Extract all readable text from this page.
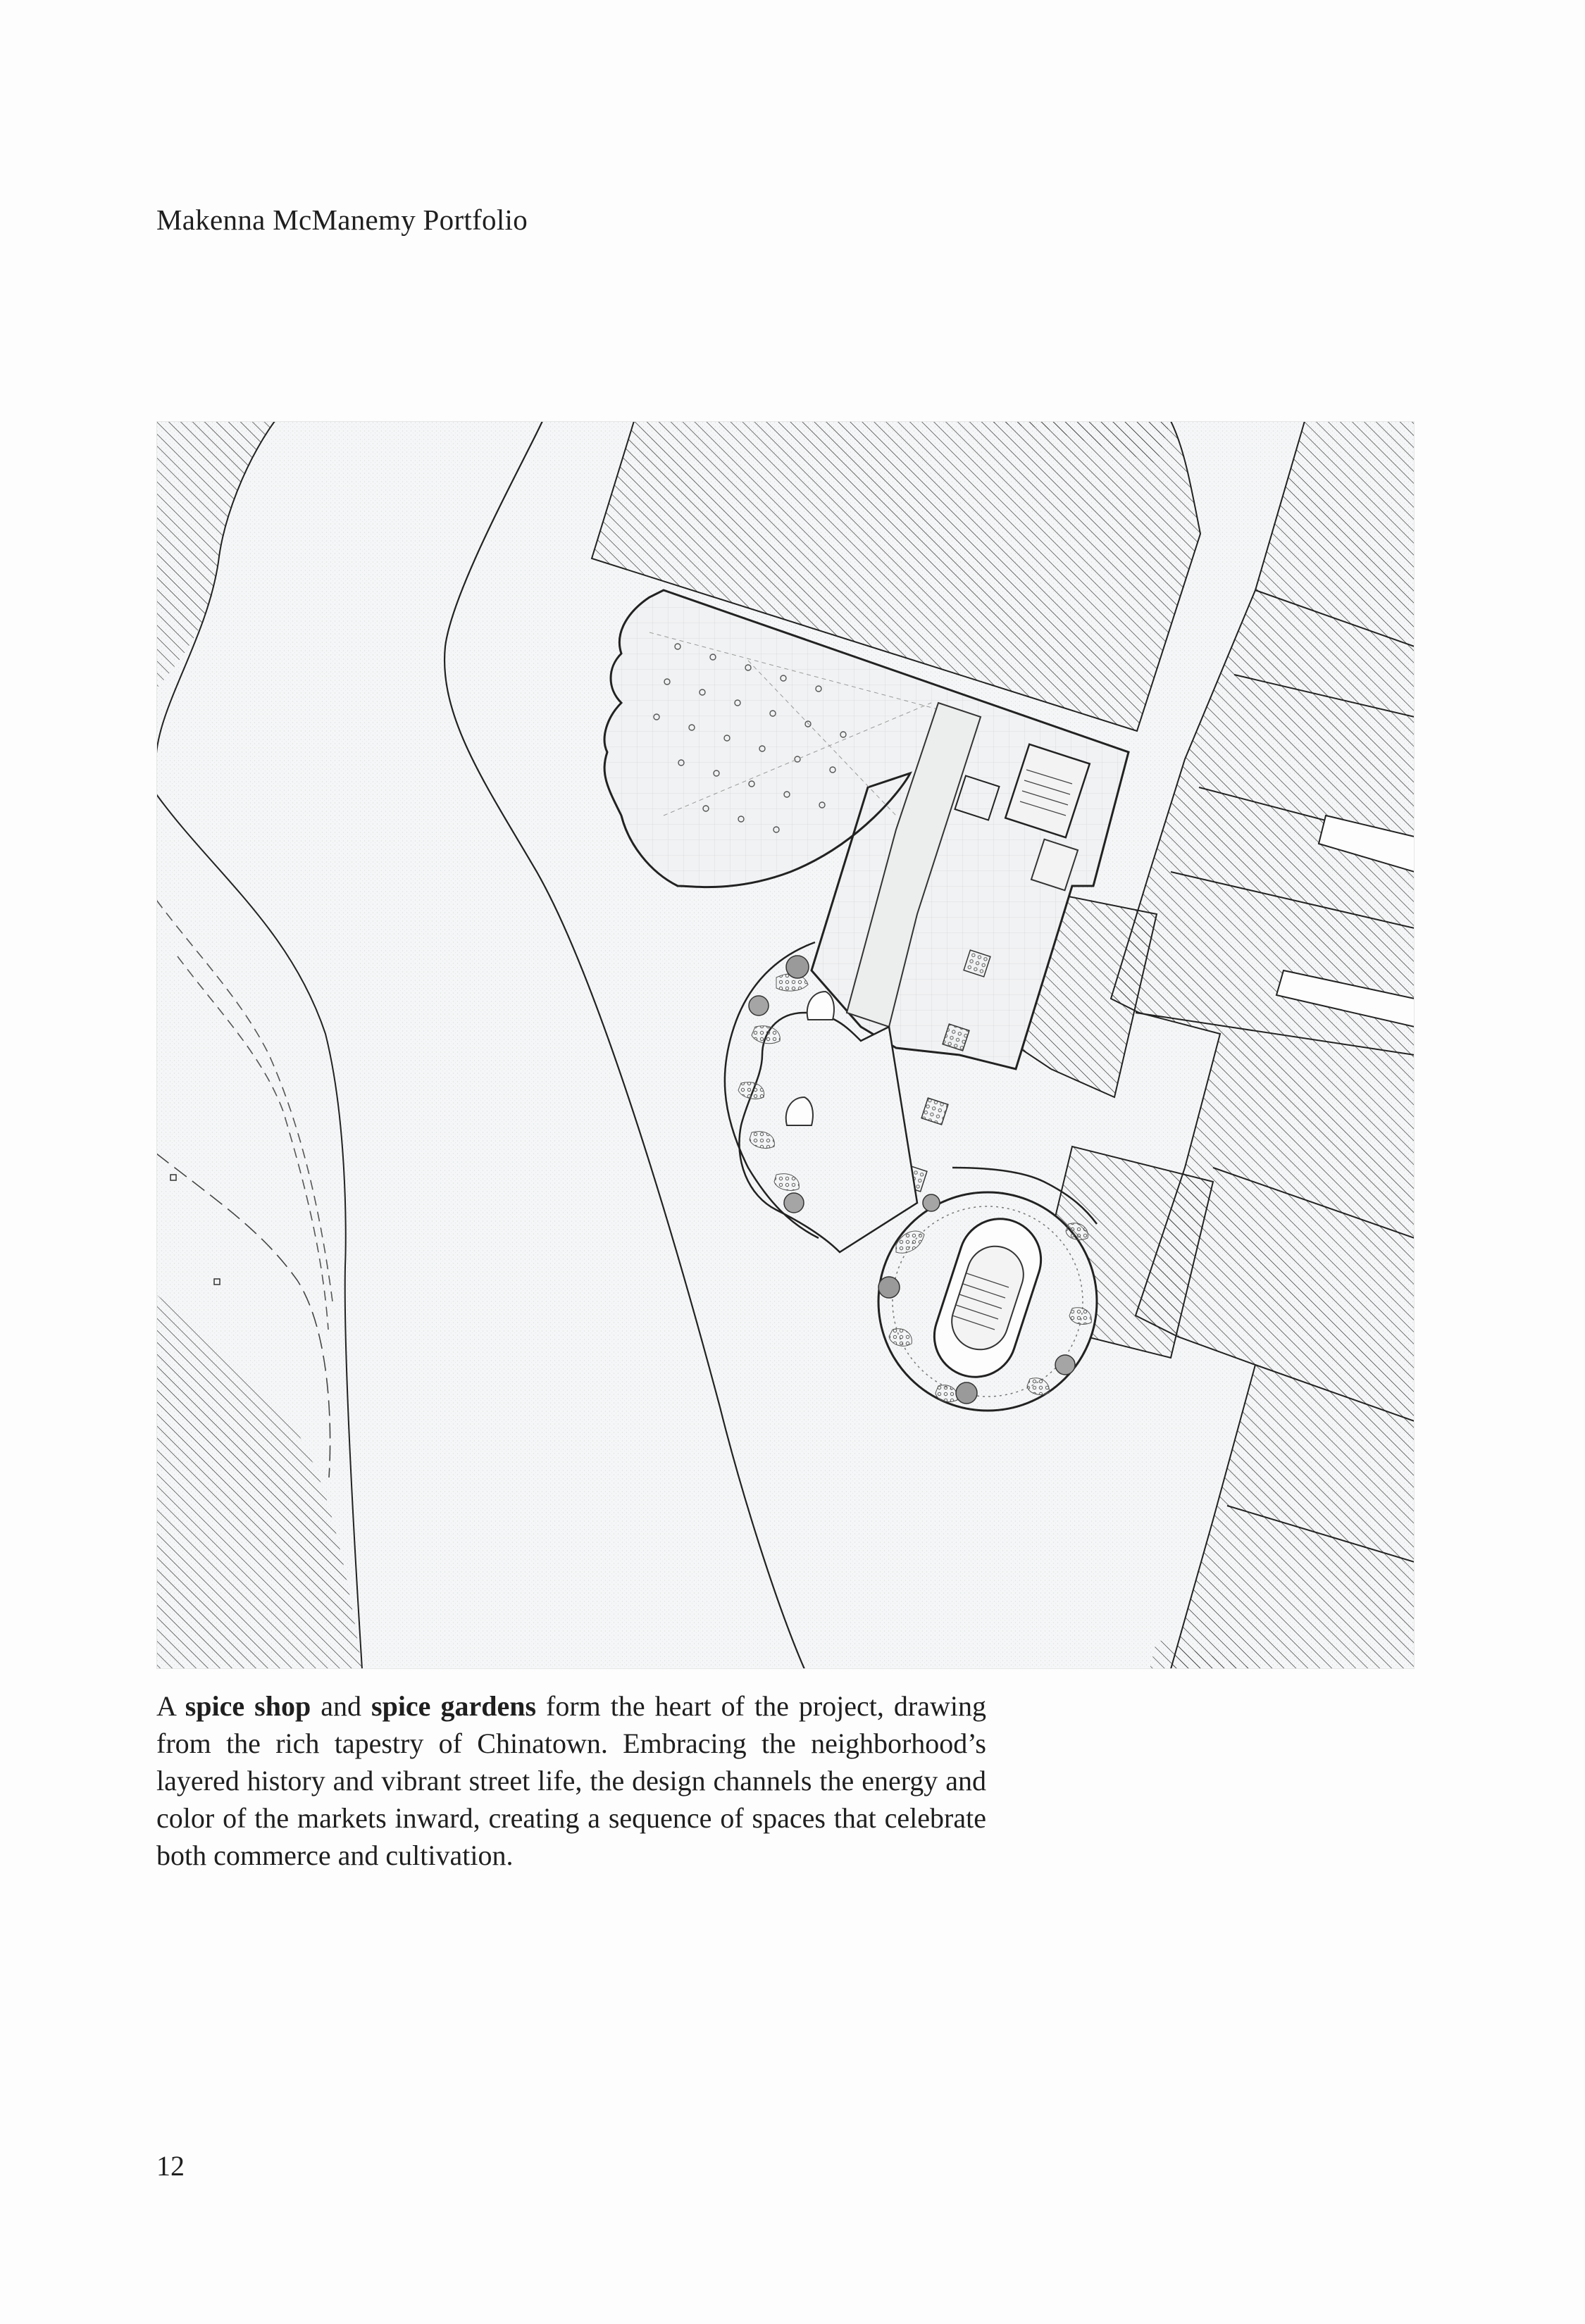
Makenna McManemy Portfolio
A spice shop and spice gardens form the heart of the project, drawing from the rich tapestry of Chinatown. Embracing the neighborhood’s layered history and vibrant street life, the design channels the energy and color of the markets inward, creating a sequence of spaces that celebrate both commerce and cultivation.
12
